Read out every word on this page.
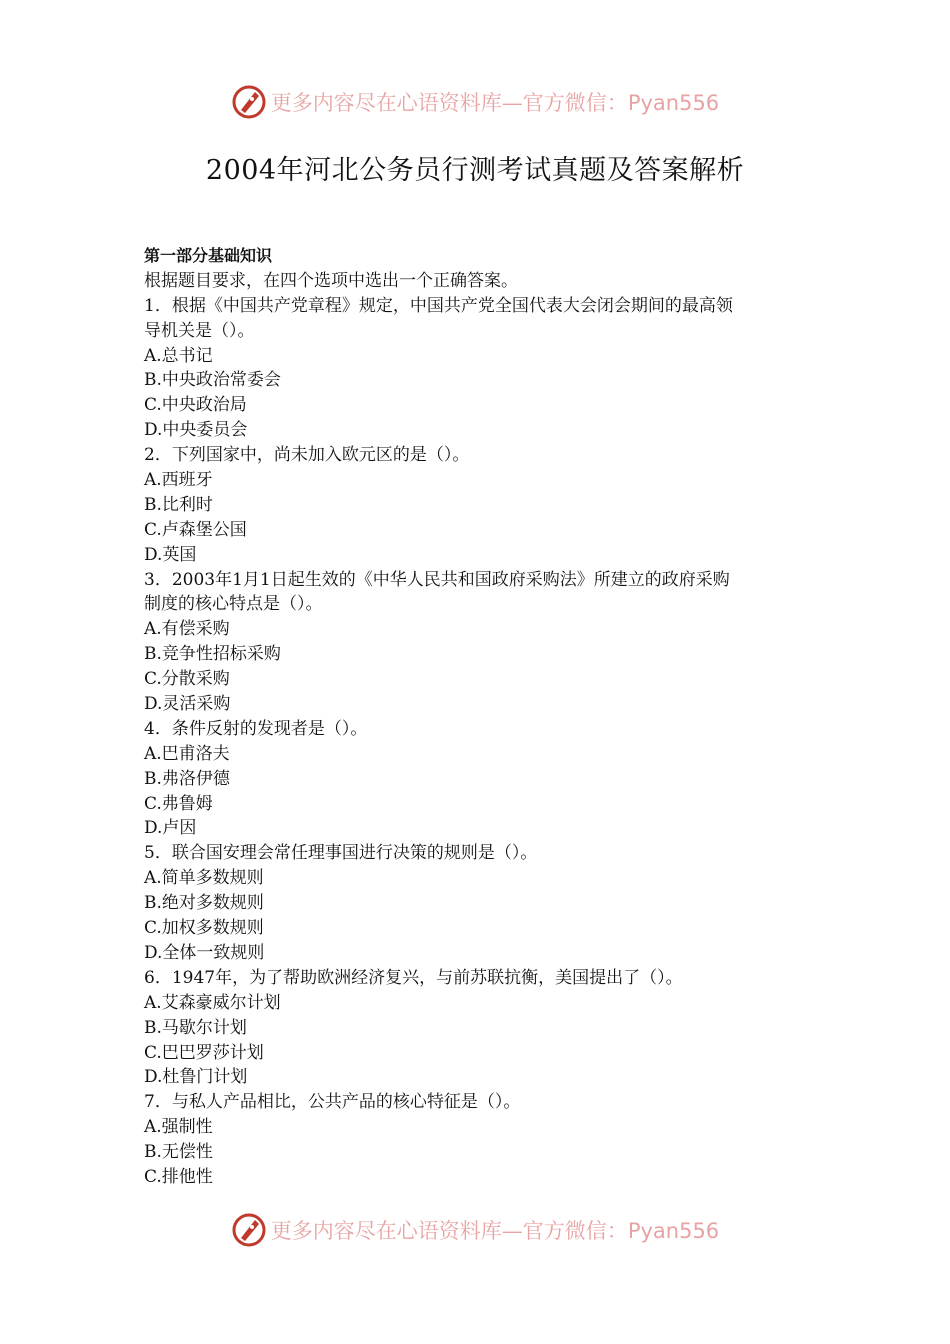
更多内容尽在心语资料库—官方微信：Pyan556
2004年河北公务员行测考试真题及答案解析
第一部分基础知识
根据题目要求，在四个选项中选出一个正确答案。
1．根据《中国共产党章程》规定，中国共产党全国代表大会闭会期间的最高领
导机关是（）。
A.总书记
B.中央政治常委会
C.中央政治局
D.中央委员会
2．下列国家中，尚未加入欧元区的是（）。
A.西班牙
B.比利时
C.卢森堡公国
D.英国
3．2003年1月1日起生效的《中华人民共和国政府采购法》所建立的政府采购
制度的核心特点是（）。
A.有偿采购
B.竞争性招标采购
C.分散采购
D.灵活采购
4．条件反射的发现者是（）。
A.巴甫洛夫
B.弗洛伊德
C.弗鲁姆
D.卢因
5．联合国安理会常任理事国进行决策的规则是（）。
A.简单多数规则
B.绝对多数规则
C.加权多数规则
D.全体一致规则
6．1947年，为了帮助欧洲经济复兴，与前苏联抗衡，美国提出了（）。
A.艾森豪威尔计划
B.马歇尔计划
C.巴巴罗莎计划
D.杜鲁门计划
7．与私人产品相比，公共产品的核心特征是（）。
A.强制性
B.无偿性
C.排他性
更多内容尽在心语资料库—官方微信：Pyan556
